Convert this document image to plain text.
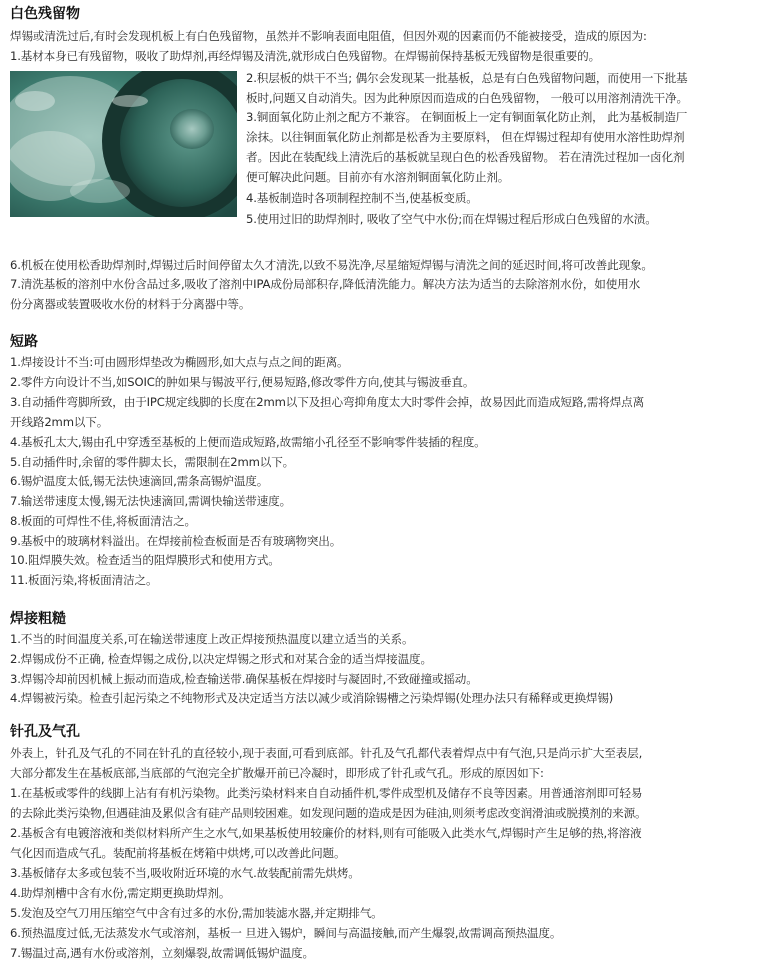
白色残留物
焊锡或清洗过后,有时会发现机板上有白色残留物，虽然并不影响表面电阻值，但因外观的因素而仍不能被接受，造成的原因为:
1.基材本身已有残留物，吸收了助焊剂,再经焊锡及清洗,就形成白色残留物。在焊锡前保持基板无残留物是很重要的。
2.积层板的烘干不当; 偶尔会发现某一批基板，总是有白色残留物问题，而使用一下批基
板时,问题又自动消失。因为此种原因而造成的白色残留物， 一般可以用溶剂清洗干净。
3.铜面氧化防止剂之配方不兼容。 在铜面板上一定有铜面氧化防止剂， 此为基板制造厂
涂抹。以往铜面氧化防止剂都是松香为主要原料， 但在焊锡过程却有使用水溶性助焊剂
者。因此在装配线上清洗后的基板就呈现白色的松香残留物。 若在清洗过程加一卤化剂
便可解决此问题。目前亦有水溶剂铜面氧化防止剂。
4.基板制造时各项制程控制不当,使基板变质。
5.使用过旧的助焊剂时, 吸收了空气中水份;而在焊锡过程后形成白色残留的水渍。
6.机板在使用松香助焊剂时,焊锡过后时间停留太久才清洗,以致不易洗净,尽星缩短焊锡与清洗之间的延迟时间,将可改善此现象。
7.清洗基板的溶剂中水份含品过多,吸收了溶剂中IPA成份局部积存,降低清洗能力。解决方法为适当的去除溶剂水份，如使用水
份分离器或装置吸收水份的材料于分离器中等。
短路
1.焊接设计不当:可由圆形焊垫改为椭圆形,如大点与点之间的距离。
2.零件方向设计不当,如SOIC的肿如果与锡波平行,便易短路,修改零件方向,使其与锡波垂直。
3.自动插件弯脚所致，由于IPC规定线脚的长度在2mm以下及担心弯抑角度太大时零件会掉，故易因此而造成短路,需将焊点离
开线路2mm以下。
4.基板孔太大,锡由孔中穿透至基板的上便而造成短路,故需缩小孔径至不影响零件装插的程度。
5.自动插件时,余留的零件脚太长，需限制在2mm以下。
6.锡炉温度太低,锡无法快速滴回,需条高锡炉温度。
7.输送带速度太慢,锡无法快速滴回,需调快输送带速度。
8.板面的可焊性不佳,将板面清洁之。
9.基板中的玻璃材料溢出。在焊接前检查板面是否有玻璃物突出。
10.阻焊膜失效。检查适当的阻焊膜形式和使用方式。
11.板面污染,将板面清洁之。
焊接粗糙
1.不当的时间温度关系,可在输送带速度上改正焊接预热温度以建立适当的关系。
2.焊锡成份不正确, 检查焊锡之成份,以决定焊锡之形式和对某合金的适当焊接温度。
3.焊锡冷却前因机械上振动而造成,检查输送带.确保基板在焊接时与凝固时,不致碰撞或摇动。
4.焊锡被污染。检查引起污染之不纯物形式及决定适当方法以减少或消除锡槽之污染焊锡(处理办法只有稀释或更换焊锡)
针孔及气孔
外表上，针孔及气孔的不同在针孔的直径较小,现于表面,可看到底部。针孔及气孔都代表着焊点中有气泡,只是尚示扩大至表层,
大部分都发生在基板底部,当底部的气泡完全扩散爆开前已冷凝时，即形成了针孔或气孔。形成的原因如下:
1.在基板或零件的线脚上沾有有机污染物。此类污染材料来自自动插件机,零件成型机及储存不良等因素。用普通溶剂即可轻易
的去除此类污染物,但遇硅油及累似含有硅产品则较困难。如发现问题的造成是因为硅油,则须考虑改变润滑油或脱摸剂的来源。
2.基板含有电镀溶液和类似材料所产生之水气,如果基板使用较廉价的材料,则有可能吸入此类水气,焊锡时产生足够的热,将溶液
气化因而造成气孔。装配前将基板在烤箱中烘烤,可以改善此问题。
3.基板储存太多或包装不当,吸收附近环境的水气.故装配前需先烘烤。
4.助焊剂槽中含有水份,需定期更换助焊剂。
5.发泡及空气刀用压缩空气中含有过多的水份,需加装滤水器,并定期排气。
6.预热温度过低,无法蒸发水气或溶剂，基板一 旦进入锡炉，瞬间与高温接触,而产生爆裂,故需调高预热温度。
7.锡温过高,遇有水份或溶剂，立刻爆裂,故需调低锡炉温度。
